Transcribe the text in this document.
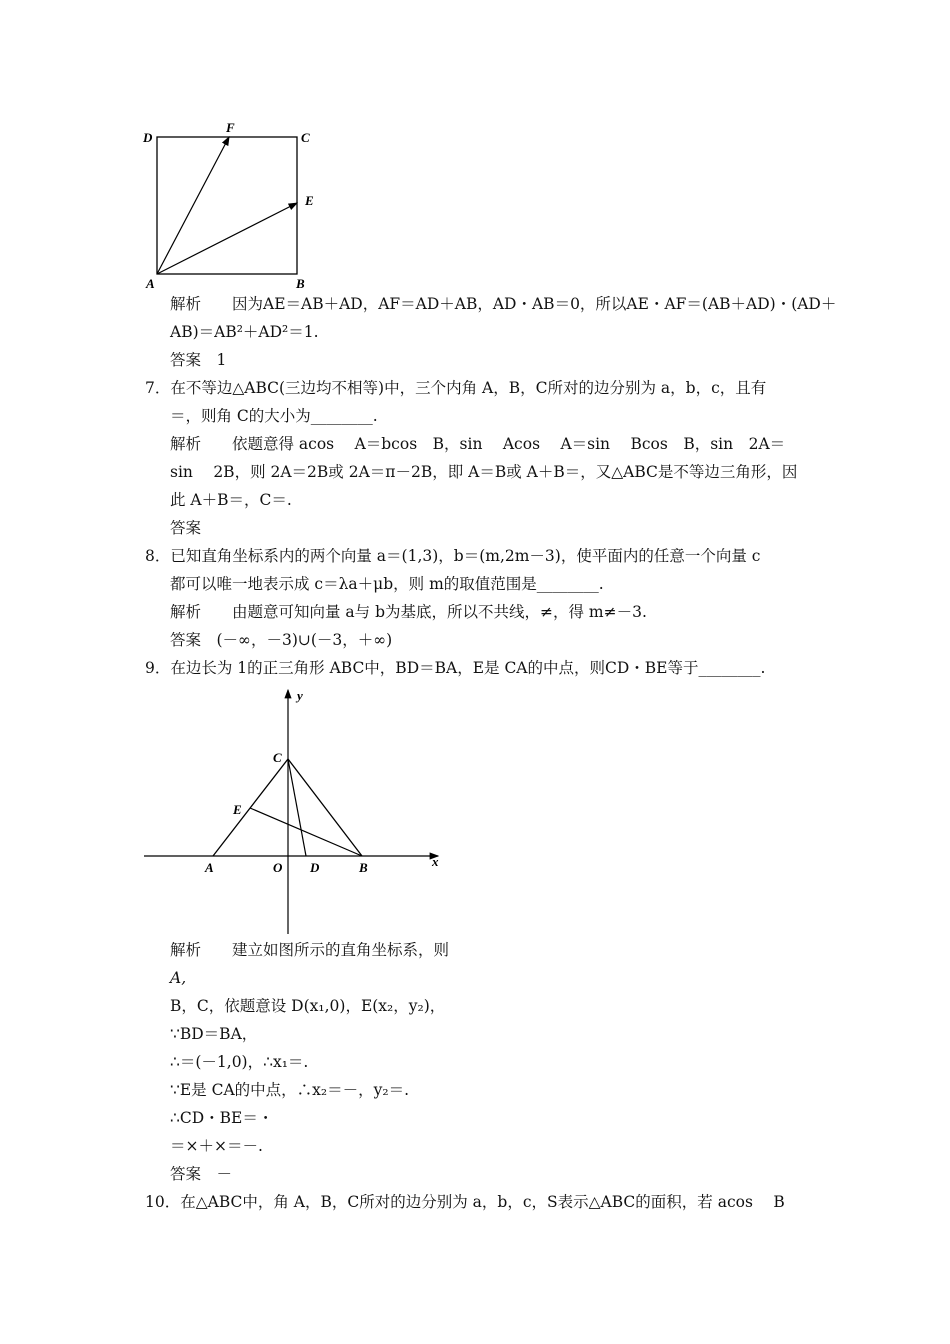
D
F
C
E
A	B
解析　　因为AE＝AB＋AD，AF＝AD＋AB，AD・AB＝0，所以AE・AF＝(AB＋AD)・(AD＋
AB)＝AB²＋AD²＝1.
答案　1
7．在不等边△ABC(三边均不相等)中，三个内角 A，B，C所对的边分别为 a，b，c，且有
＝，则角 C的大小为________.
解析　　依题意得 acos　 A＝bcos　B，sin　 Acos　 A＝sin　 Bcos　B，sin　2A＝
sin　 2B，则 2A＝2B或 2A＝π－2B，即 A＝B或 A＋B＝，又△ABC是不等边三角形，因
此 A＋B＝，C＝.
答案
8．已知直角坐标系内的两个向量 a＝(1,3)，b＝(m,2m－3)，使平面内的任意一个向量 c
都可以唯一地表示成 c＝λa＋μb，则 m的取值范围是________.
解析　　由题意可知向量 a与 b为基底，所以不共线，≠，得 m≠－3.
答案　(－∞，－3)∪(－3，＋∞)
9．在边长为 1的正三角形 ABC中，BD＝BA，E是 CA的中点，则CD・BE等于________.
y
x
C
E
A	O D	B
解析　　建立如图所示的直角坐标系，则
A,
B，C，依题意设 D(x₁,0)，E(x₂，y₂)，
∵BD＝BA，
∴＝(－1,0)，∴x₁＝.
∵E是 CA的中点，∴x₂＝－，y₂＝.
∴CD・BE＝・
＝×＋×＝－.
答案　－
10．在△ABC中，角 A，B，C所对的边分别为 a，b，c，S表示△ABC的面积，若 acos　 B
